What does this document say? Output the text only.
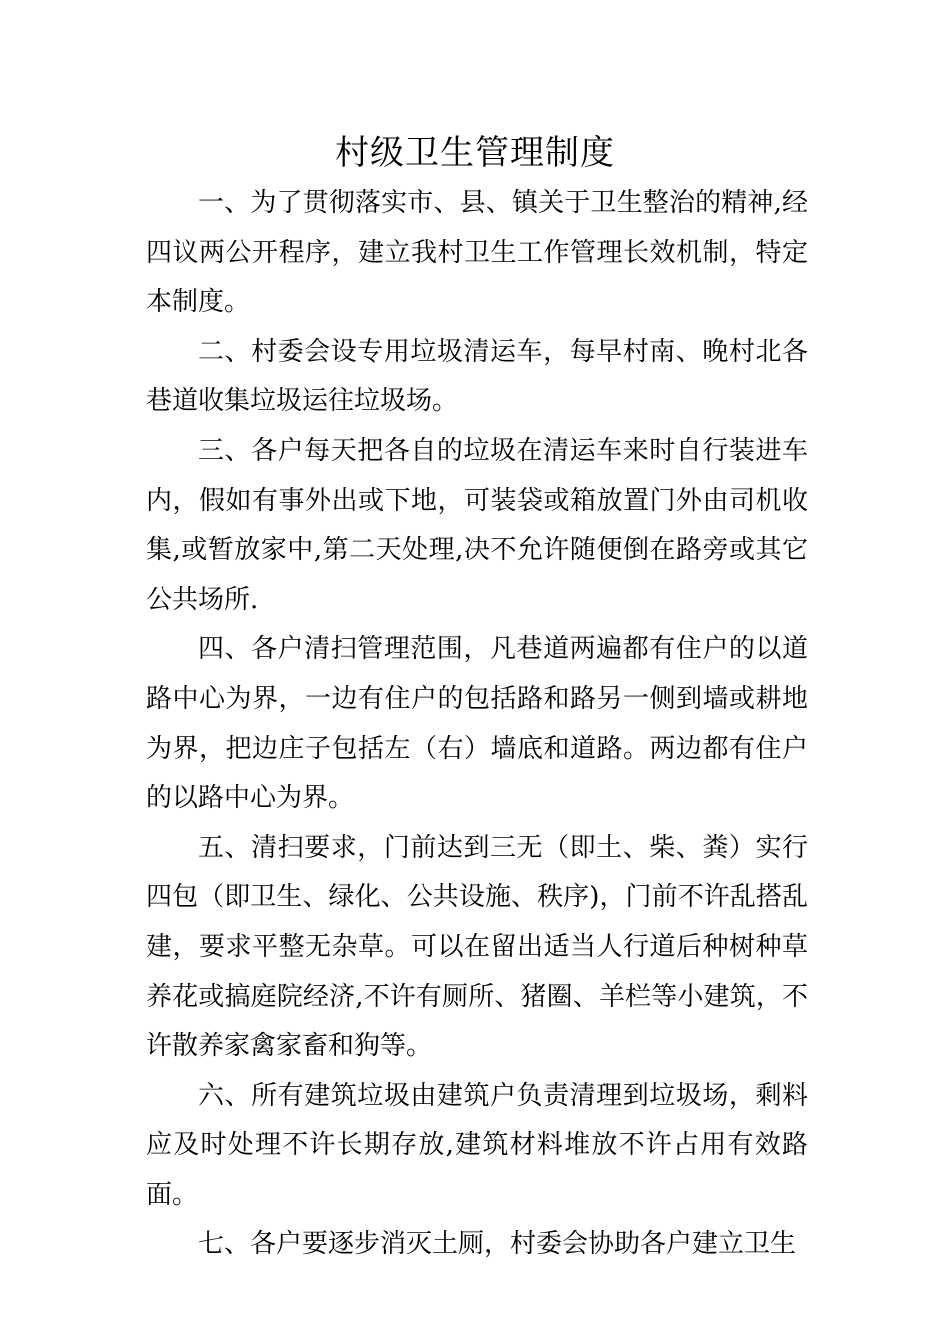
村级卫生管理制度

一、为了贯彻落实市、县、镇关于卫生整治的精神,经四议两公开程序，建立我村卫生工作管理长效机制，特定本制度。

二、村委会设专用垃圾清运车，每早村南、晚村北各巷道收集垃圾运往垃圾场。

三、各户每天把各自的垃圾在清运车来时自行装进车内，假如有事外出或下地，可装袋或箱放置门外由司机收集,或暂放家中,第二天处理,决不允许随便倒在路旁或其它公共场所.

四、各户清扫管理范围，凡巷道两遍都有住户的以道路中心为界，一边有住户的包括路和路另一侧到墙或耕地为界，把边庄子包括左（右）墙底和道路。两边都有住户的以路中心为界。

五、清扫要求，门前达到三无（即土、柴、粪）实行四包（即卫生、绿化、公共设施、秩序)，门前不许乱搭乱建，要求平整无杂草。可以在留出适当人行道后种树种草养花或搞庭院经济,不许有厕所、猪圈、羊栏等小建筑，不许散养家禽家畜和狗等。

六、所有建筑垃圾由建筑户负责清理到垃圾场，剩料应及时处理不许长期存放,建筑材料堆放不许占用有效路面。

七、各户要逐步消灭土厕，村委会协助各户建立卫生
